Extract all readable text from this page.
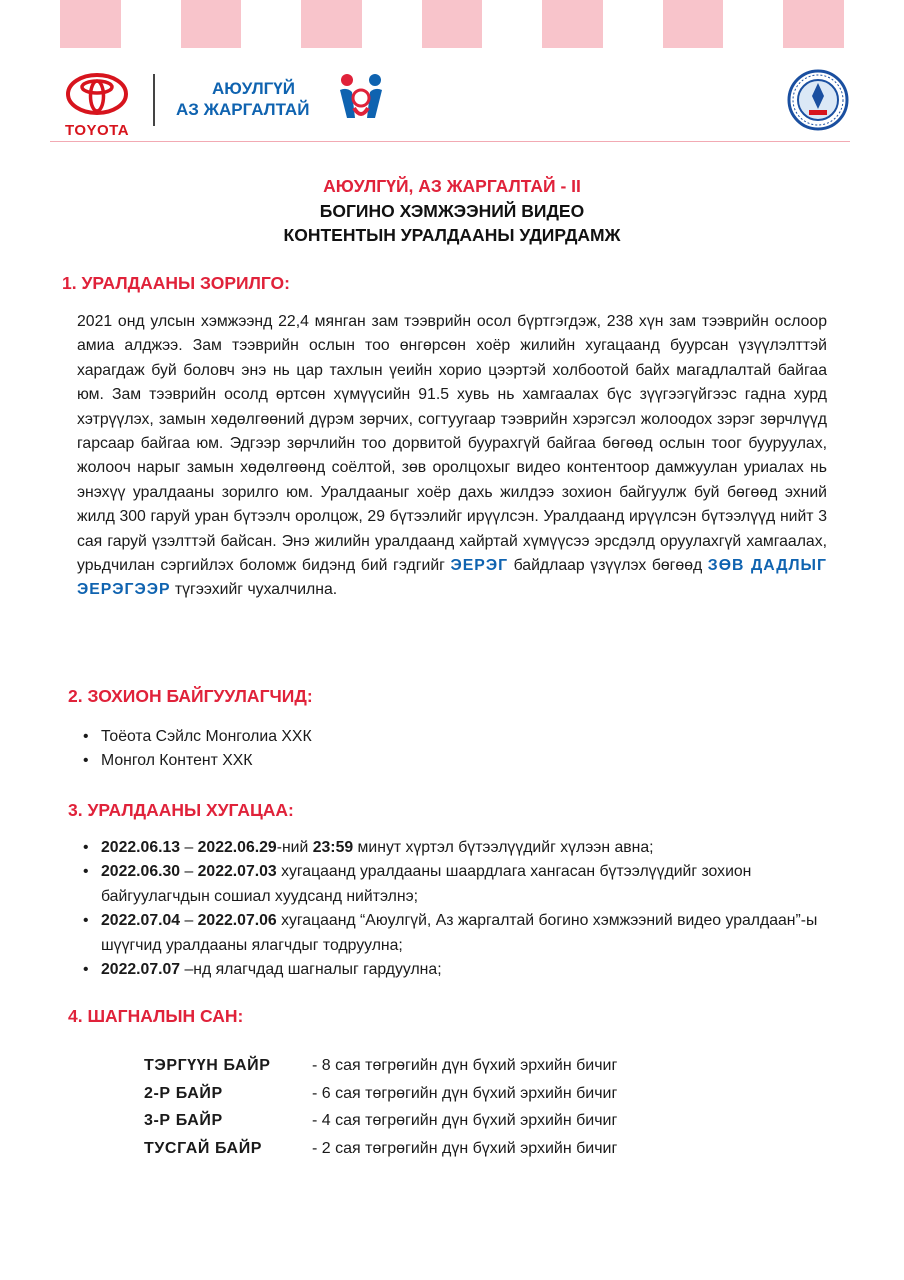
TOYOTA
АЮУЛГҮЙ
АЗ ЖАРГАЛТАЙ
АЮУЛГҮЙ, АЗ ЖАРГАЛТАЙ - II
БОГИНО ХЭМЖЭЭНИЙ ВИДЕО
КОНТЕНТЫН УРАЛДААНЫ УДИРДАМЖ
1. УРАЛДААНЫ ЗОРИЛГО:
2021 онд улсын хэмжээнд 22,4 мянган зам тээврийн осол бүртгэгдэж, 238 хүн зам тээврийн ослоор амиа алджээ. Зам тээврийн ослын тоо өнгөрсөн хоёр жилийн хугацаанд буурсан үзүүлэлттэй харагдаж буй боловч энэ нь цар тахлын үеийн хорио цээртэй холбоотой байх магадлалтай байгаа юм. Зам тээврийн осолд өртсөн хүмүүсийн 91.5 хувь нь хамгаалах бүс зүүгээгүйгээс гадна хурд хэтрүүлэх, замын хөдөлгөөний дүрэм зөрчих, согтуугаар тээврийн хэрэгсэл жолоодох зэрэг зөрчлүүд гарсаар байгаа юм. Эдгээр зөрчлийн тоо дорвитой буурахгүй байгаа бөгөөд ослын тоог бууруулах, жолооч нарыг замын хөдөлгөөнд соёлтой, зөв оролцохыг видео контентоор дамжуулан уриалах нь энэхүү уралдааны зорилго юм. Уралдааныг хоёр дахь жилдээ зохион байгуулж буй бөгөөд эхний жилд 300 гаруй уран бүтээлч оролцож, 29 бүтээлийг ирүүлсэн. Уралдаанд ирүүлсэн бүтээлүүд нийт 3 сая гаруй үзэлттэй байсан. Энэ жилийн уралдаанд хайртай хүмүүсээ эрсдэлд оруулахгүй хамгаалах, урьдчилан сэргийлэх боломж бидэнд бий гэдгийг ЭЕРЭГ байдлаар үзүүлэх бөгөөд ЗӨВ ДАДЛЫГ ЭЕРЭГЭЭР түгээхийг чухалчилна.
2. ЗОХИОН БАЙГУУЛАГЧИД:
• Тоёота Сэйлс Монголиа ХХК
• Монгол Контент ХХК
3. УРАЛДААНЫ ХУГАЦАА:
• 2022.06.13 – 2022.06.29-ний 23:59 минут хүртэл бүтээлүүдийг хүлээн авна;
• 2022.06.30 – 2022.07.03 хугацаанд уралдааны шаардлага хангасан бүтээлүүдийг зохион байгуулагчдын сошиал хуудсанд нийтэлнэ;
• 2022.07.04 – 2022.07.06 хугацаанд “Аюулгүй, Аз жаргалтай богино хэмжээний видео уралдаан”-ы шүүгчид уралдааны ялагчдыг тодруулна;
• 2022.07.07 –нд ялагчдад шагналыг гардуулна;
4. ШАГНАЛЫН САН:
ТЭРГҮҮН БАЙР	- 8 сая төгрөгийн дүн бүхий эрхийн бичиг
2-Р БАЙР	- 6 сая төгрөгийн дүн бүхий эрхийн бичиг
3-Р БАЙР	- 4 сая төгрөгийн дүн бүхий эрхийн бичиг
ТУСГАЙ БАЙР	- 2 сая төгрөгийн дүн бүхий эрхийн бичиг
